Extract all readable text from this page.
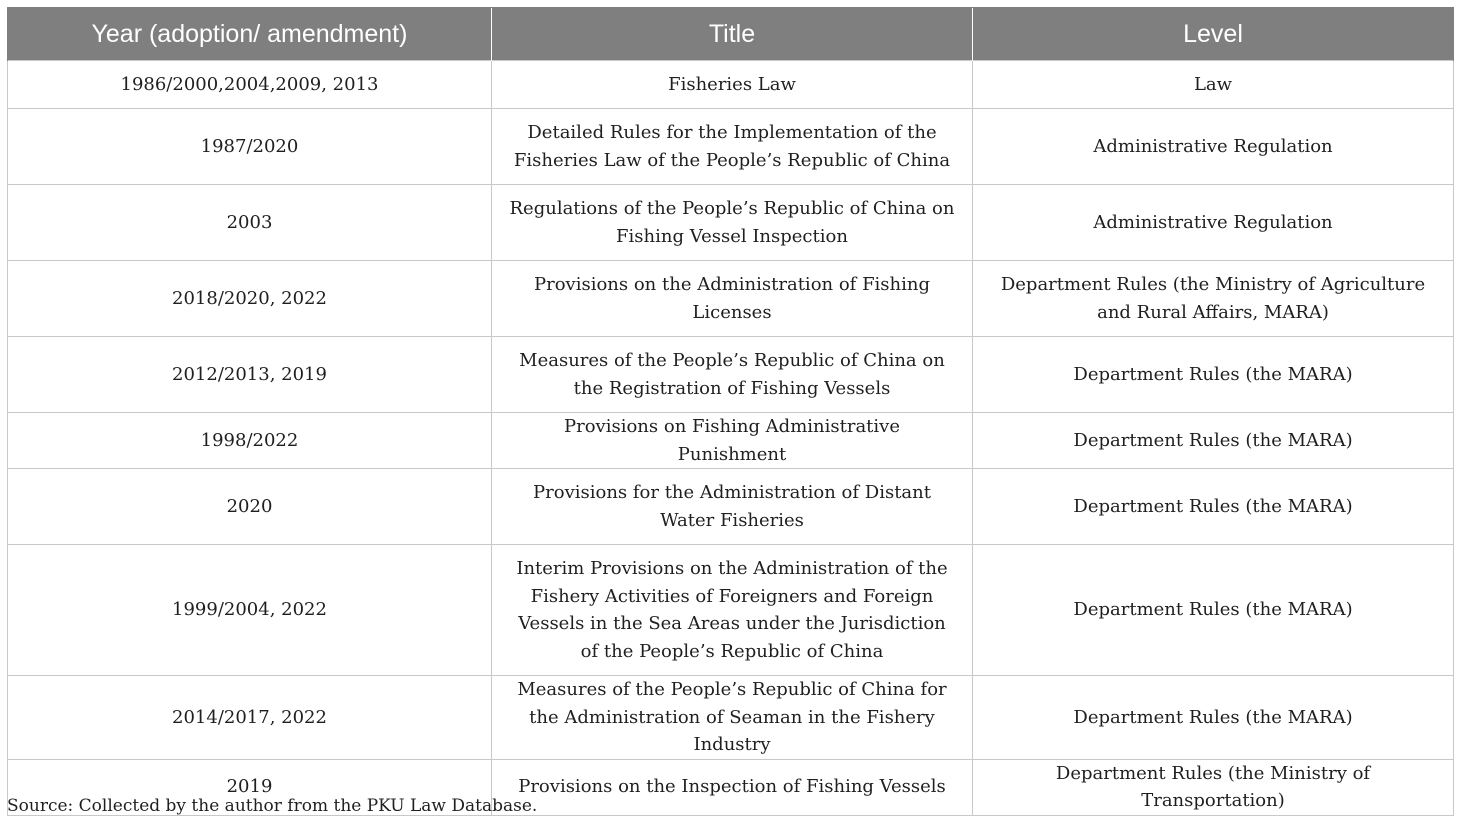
Year (adoption/ amendment)	Title	Level
1986/2000,2004,2009, 2013	Fisheries Law	Law
1987/2020	Detailed Rules for the Implementation of the Fisheries Law of the People’s Republic of China	Administrative Regulation
2003	Regulations of the People’s Republic of China on Fishing Vessel Inspection	Administrative Regulation
2018/2020, 2022	Provisions on the Administration of Fishing Licenses	Department Rules (the Ministry of Agriculture and Rural Affairs, MARA)
2012/2013, 2019	Measures of the People’s Republic of China on the Registration of Fishing Vessels	Department Rules (the MARA)
1998/2022	Provisions on Fishing Administrative Punishment	Department Rules (the MARA)
2020	Provisions for the Administration of Distant Water Fisheries	Department Rules (the MARA)
1999/2004, 2022	Interim Provisions on the Administration of the Fishery Activities of Foreigners and Foreign Vessels in the Sea Areas under the Jurisdiction of the People’s Republic of China	Department Rules (the MARA)
2014/2017, 2022	Measures of the People’s Republic of China for the Administration of Seaman in the Fishery Industry	Department Rules (the MARA)
2019	Provisions on the Inspection of Fishing Vessels	Department Rules (the Ministry of Transportation)
Source: Collected by the author from the PKU Law Database.
